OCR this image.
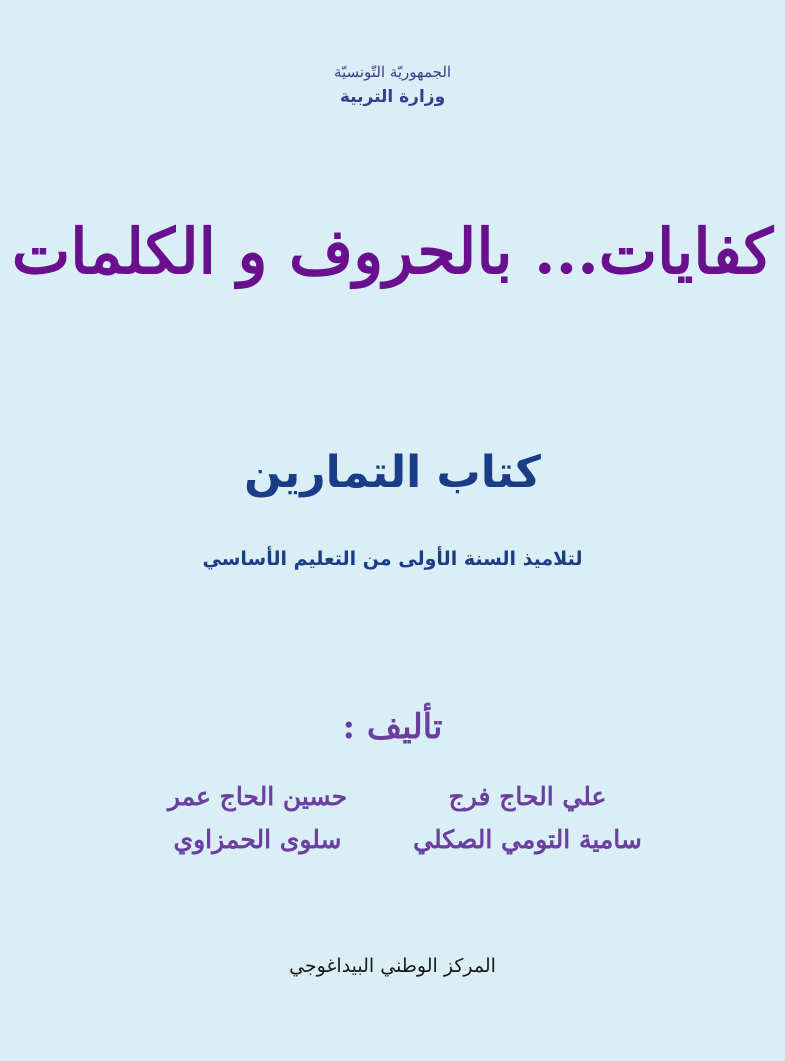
الجمهوريّة التّونسيّة
وزارة التربية
كفايات... بالحروف و الكلمات
كتاب التمارين
لتلاميذ السنة الأولى من التعليم الأساسي
تأليف :
علي الحاج فرج
حسين الحاج عمر
سامية التومي الصكلي
سلوى الحمزاوي
المركز الوطني البيداغوجي
